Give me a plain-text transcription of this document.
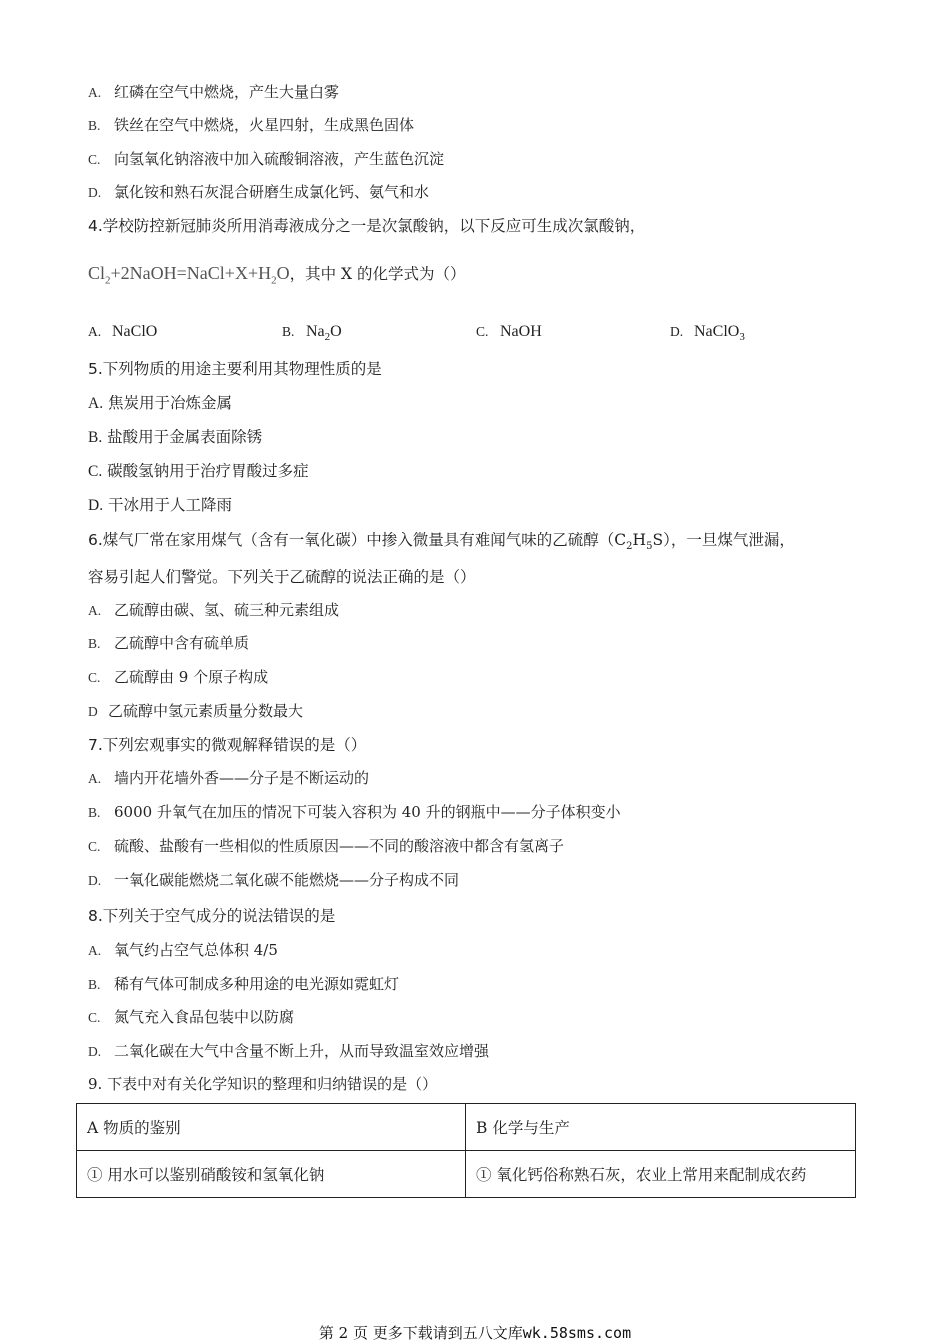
A. 红磷在空气中燃烧，产生大量白雾
B. 铁丝在空气中燃烧，火星四射，生成黑色固体
C. 向氢氧化钠溶液中加入硫酸铜溶液，产生蓝色沉淀
D. 氯化铵和熟石灰混合研磨生成氯化钙、氨气和水
4.学校防控新冠肺炎所用消毒液成分之一是次氯酸钠，以下反应可生成次氯酸钠，
$Cl_2+2NaOH=NaCl+X+H_2O$，其中 X 的化学式为（）
A. NaClO	B. $Na_2O$	C. NaOH	D. NaClO$_3$
5.下列物质的用途主要利用其物理性质的是
A. 焦炭用于冶炼金属
B. 盐酸用于金属表面除锈
C. 碳酸氢钠用于治疗胃酸过多症
D. 干冰用于人工降雨
6.煤气厂常在家用煤气（含有一氧化碳）中掺入微量具有难闻气味的乙硫醇$(C_2H_5S)$，一旦煤气泄漏，
容易引起人们警觉。下列关于乙硫醇的说法正确的是（）
A. 乙硫醇由碳、氢、硫三种元素组成
B. 乙硫醇中含有硫单质
C. 乙硫醇由 9 个原子构成
D 乙硫醇中氢元素质量分数最大
7.下列宏观事实的微观解释错误的是（）
A. 墙内开花墙外香——分子是不断运动的
B. 6000 升氧气在加压的情况下可装入容积为 40 升的钢瓶中——分子体积变小
C. 硫酸、盐酸有一些相似的性质原因——不同的酸溶液中都含有氢离子
D. 一氧化碳能燃烧二氧化碳不能燃烧——分子构成不同
8.下列关于空气成分的说法错误的是
A. 氧气约占空气总体积 4/5
B. 稀有气体可制成多种用途的电光源如霓虹灯
C. 氮气充入食品包装中以防腐
D. 二氧化碳在大气中含量不断上升，从而导致温室效应增强
9. 下表中对有关化学知识的整理和归纳错误的是（）
A 物质的鉴别	B 化学与生产
① 用水可以鉴别硝酸铵和氢氧化钠	① 氧化钙俗称熟石灰，农业上常用来配制成农药
第 2 页 更多下载请到五八文库wk.58sms.com
